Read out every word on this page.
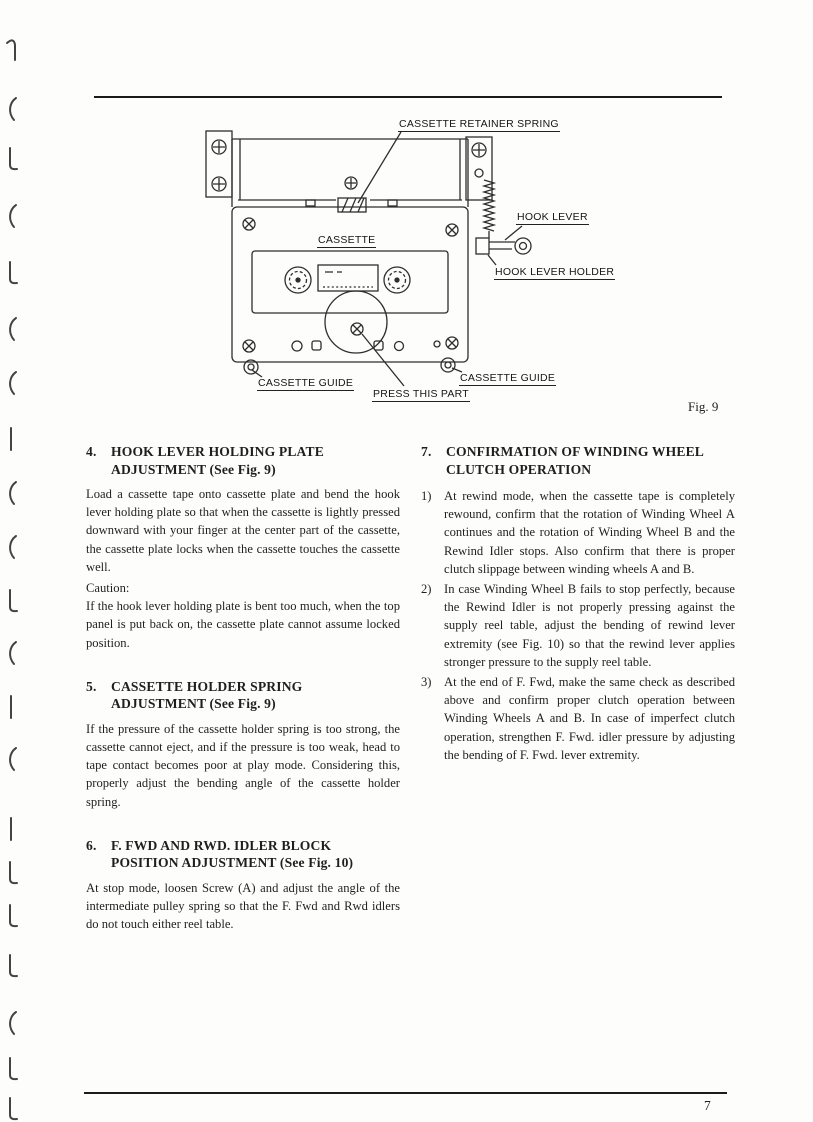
CASSETTE RETAINER SPRING
HOOK LEVER
CASSETTE
HOOK LEVER HOLDER
CASSETTE GUIDE	CASSETTE GUIDE
PRESS THIS PART
Fig. 9
4.	HOOK LEVER HOLDING PLATE
ADJUSTMENT (See Fig. 9)
Load a cassette tape onto cassette plate and bend the hook lever holding plate so that when the cassette is lightly pressed downward with your finger at the center part of the cassette, the cassette plate locks when the cassette touches the cassette well.
Caution:
If the hook lever holding plate is bent too much, when the top panel is put back on, the cassette plate cannot assume locked position.
5.	CASSETTE HOLDER SPRING
ADJUSTMENT (See Fig. 9)
If the pressure of the cassette holder spring is too strong, the cassette cannot eject, and if the pressure is too weak, head to tape contact becomes poor at play mode. Considering this, properly adjust the bending angle of the cassette holder spring.
6.	F. FWD AND RWD. IDLER BLOCK
POSITION ADJUSTMENT (See Fig. 10)
At stop mode, loosen Screw (A) and adjust the angle of the intermediate pulley spring so that the F. Fwd and Rwd idlers do not touch either reel table.
7.	CONFIRMATION OF WINDING WHEEL
CLUTCH OPERATION
1) At rewind mode, when the cassette tape is completely rewound, confirm that the rotation of Winding Wheel A continues and the rotation of Winding Wheel B and the Rewind Idler stops. Also confirm that there is proper clutch slippage between winding wheels A and B.
2) In case Winding Wheel B fails to stop perfectly, because the Rewind Idler is not properly pressing against the supply reel table, adjust the bending of rewind lever extremity (see Fig. 10) so that the rewind lever applies stronger pressure to the supply reel table.
3) At the end of F. Fwd, make the same check as described above and confirm proper clutch operation between Winding Wheels A and B. In case of imperfect clutch operation, strengthen F. Fwd. idler pressure by adjusting the bending of F. Fwd. lever extremity.
7
